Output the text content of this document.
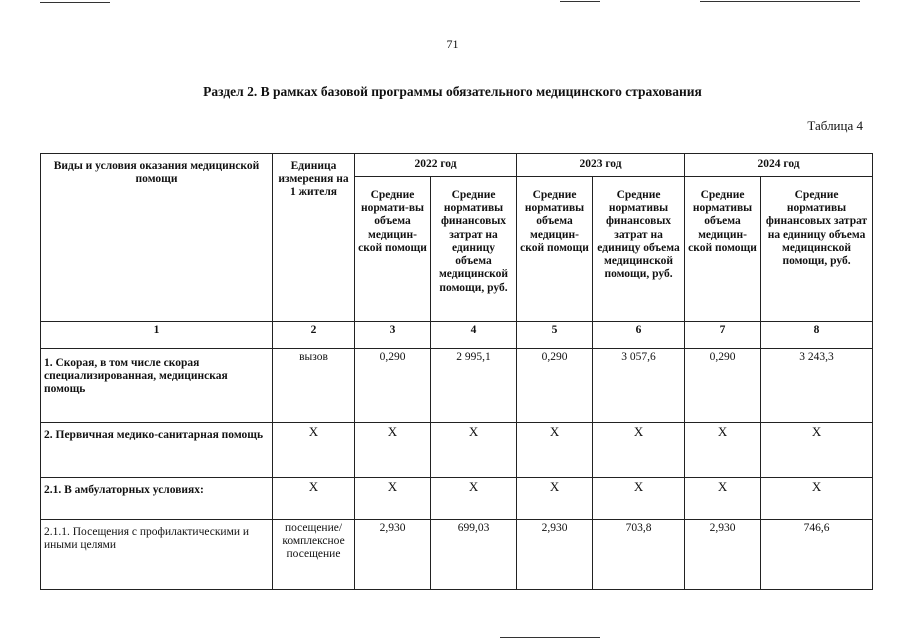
71
Раздел 2. В рамках базовой программы обязательного медицинского страхования
Таблица 4
Виды и условия оказания медицинской помощи	Единица измерения на 1 жителя	2022 год		2023 год		2024 год	
		Средние нормати-вы объема медицин-ской помощи	Средние нормативы финансовых затрат на единицу объема медицинской помощи, руб.	Средние нормативы объема медицин-ской помощи	Средние нормативы финансовых затрат на единицу объема медицинской помощи, руб.	Средние нормативы объема медицин-ской помощи	Средние нормативы финансовых затрат на единицу объема медицинской помощи, руб.
1	2	3	4	5	6	7	8
1. Скорая, в том числе скорая специализированная, медицинская помощь	вызов	0,290	2 995,1	0,290	3 057,6	0,290	3 243,3
2. Первичная медико-санитарная помощь	X	X	X	X	X	X	X
2.1. В амбулаторных условиях:	X	X	X	X	X	X	X
2.1.1. Посещения с профилактическими и иными целями	посещение/ комплексное посещение	2,930	699,03	2,930	703,8	2,930	746,6
